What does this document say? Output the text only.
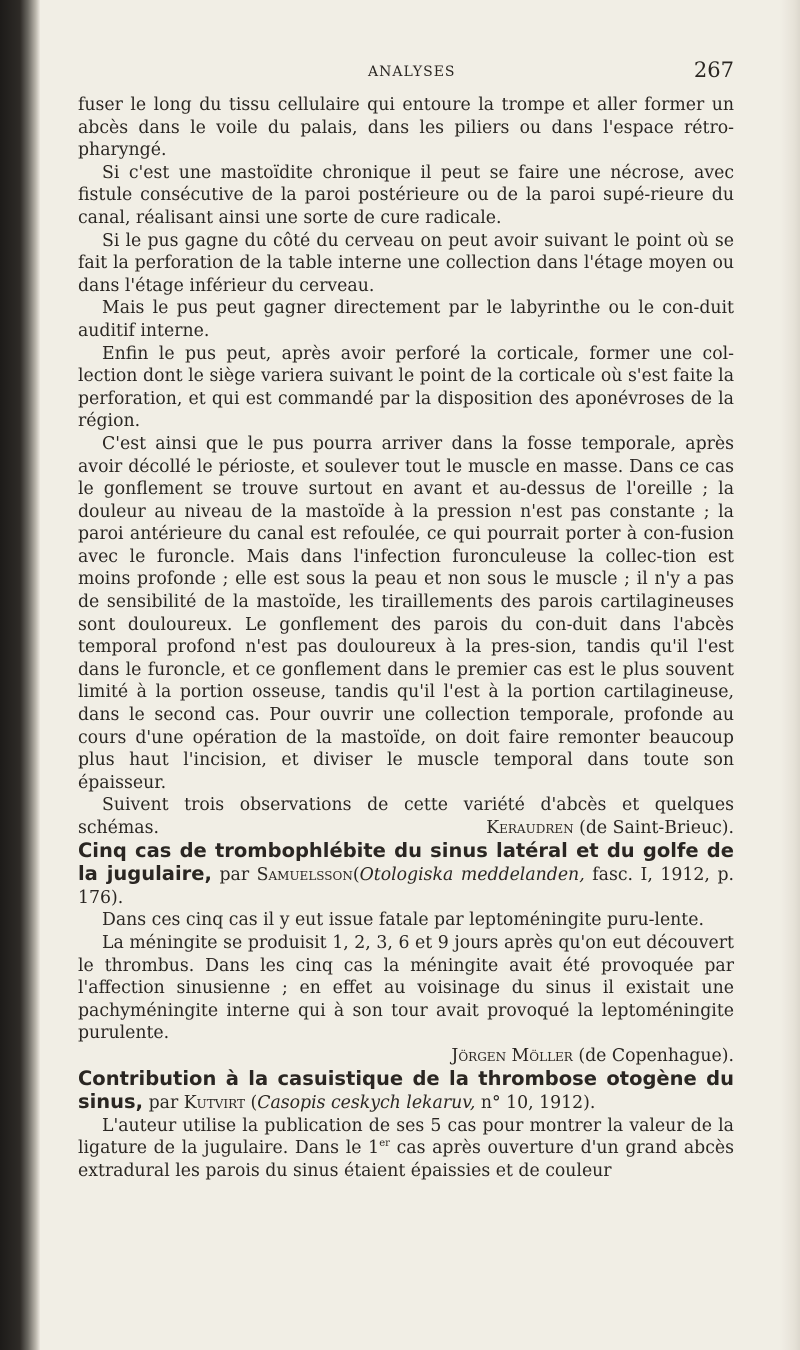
ANALYSES	267

fuser le long du tissu cellulaire qui entoure la trompe et aller former un abcès dans le voile du palais, dans les piliers ou dans l'espace rétro-pharyngé.

Si c'est une mastoïdite chronique il peut se faire une nécrose, avec fistule consécutive de la paroi postérieure ou de la paroi supé-rieure du canal, réalisant ainsi une sorte de cure radicale.

Si le pus gagne du côté du cerveau on peut avoir suivant le point où se fait la perforation de la table interne une collection dans l'étage moyen ou dans l'étage inférieur du cerveau.

Mais le pus peut gagner directement par le labyrinthe ou le con-duit auditif interne.

Enfin le pus peut, après avoir perforé la corticale, former une col-lection dont le siège variera suivant le point de la corticale où s'est faite la perforation, et qui est commandé par la disposition des aponévroses de la région.

C'est ainsi que le pus pourra arriver dans la fosse temporale, après avoir décollé le périoste, et soulever tout le muscle en masse. Dans ce cas le gonflement se trouve surtout en avant et au-dessus de l'oreille ; la douleur au niveau de la mastoïde à la pression n'est pas constante ; la paroi antérieure du canal est refoulée, ce qui pourrait porter à con-fusion avec le furoncle. Mais dans l'infection furonculeuse la collec-tion est moins profonde ; elle est sous la peau et non sous le muscle ; il n'y a pas de sensibilité de la mastoïde, les tiraillements des parois cartilagineuses sont douloureux. Le gonflement des parois du con-duit dans l'abcès temporal profond n'est pas douloureux à la pres-sion, tandis qu'il l'est dans le furoncle, et ce gonflement dans le premier cas est le plus souvent limité à la portion osseuse, tandis qu'il l'est à la portion cartilagineuse, dans le second cas. Pour ouvrir une collection temporale, profonde au cours d'une opération de la mastoïde, on doit faire remonter beaucoup plus haut l'incision, et diviser le muscle temporal dans toute son épaisseur.

Suivent trois observations de cette variété d'abcès et quelques schémas.	Keraudren (de Saint-Brieuc).

Cinq cas de trombophlébite du sinus latéral et du golfe de la jugulaire, par Samuelsson(Otologiska meddelanden, fasc. I, 1912, p. 176).

Dans ces cinq cas il y eut issue fatale par leptoméningite puru-lente.

La méningite se produisit 1, 2, 3, 6 et 9 jours après qu'on eut découvert le thrombus. Dans les cinq cas la méningite avait été provoquée par l'affection sinusienne ; en effet au voisinage du sinus il existait une pachyméningite interne qui à son tour avait provoqué la leptoméningite purulente.

Jörgen Möller (de Copenhague).

Contribution à la casuistique de la thrombose otogène du sinus, par Kutvirt (Casopis ceskych lekaruv, n° 10, 1912).

L'auteur utilise la publication de ses 5 cas pour montrer la valeur de la ligature de la jugulaire. Dans le 1er cas après ouverture d'un grand abcès extradural les parois du sinus étaient épaissies et de couleur
